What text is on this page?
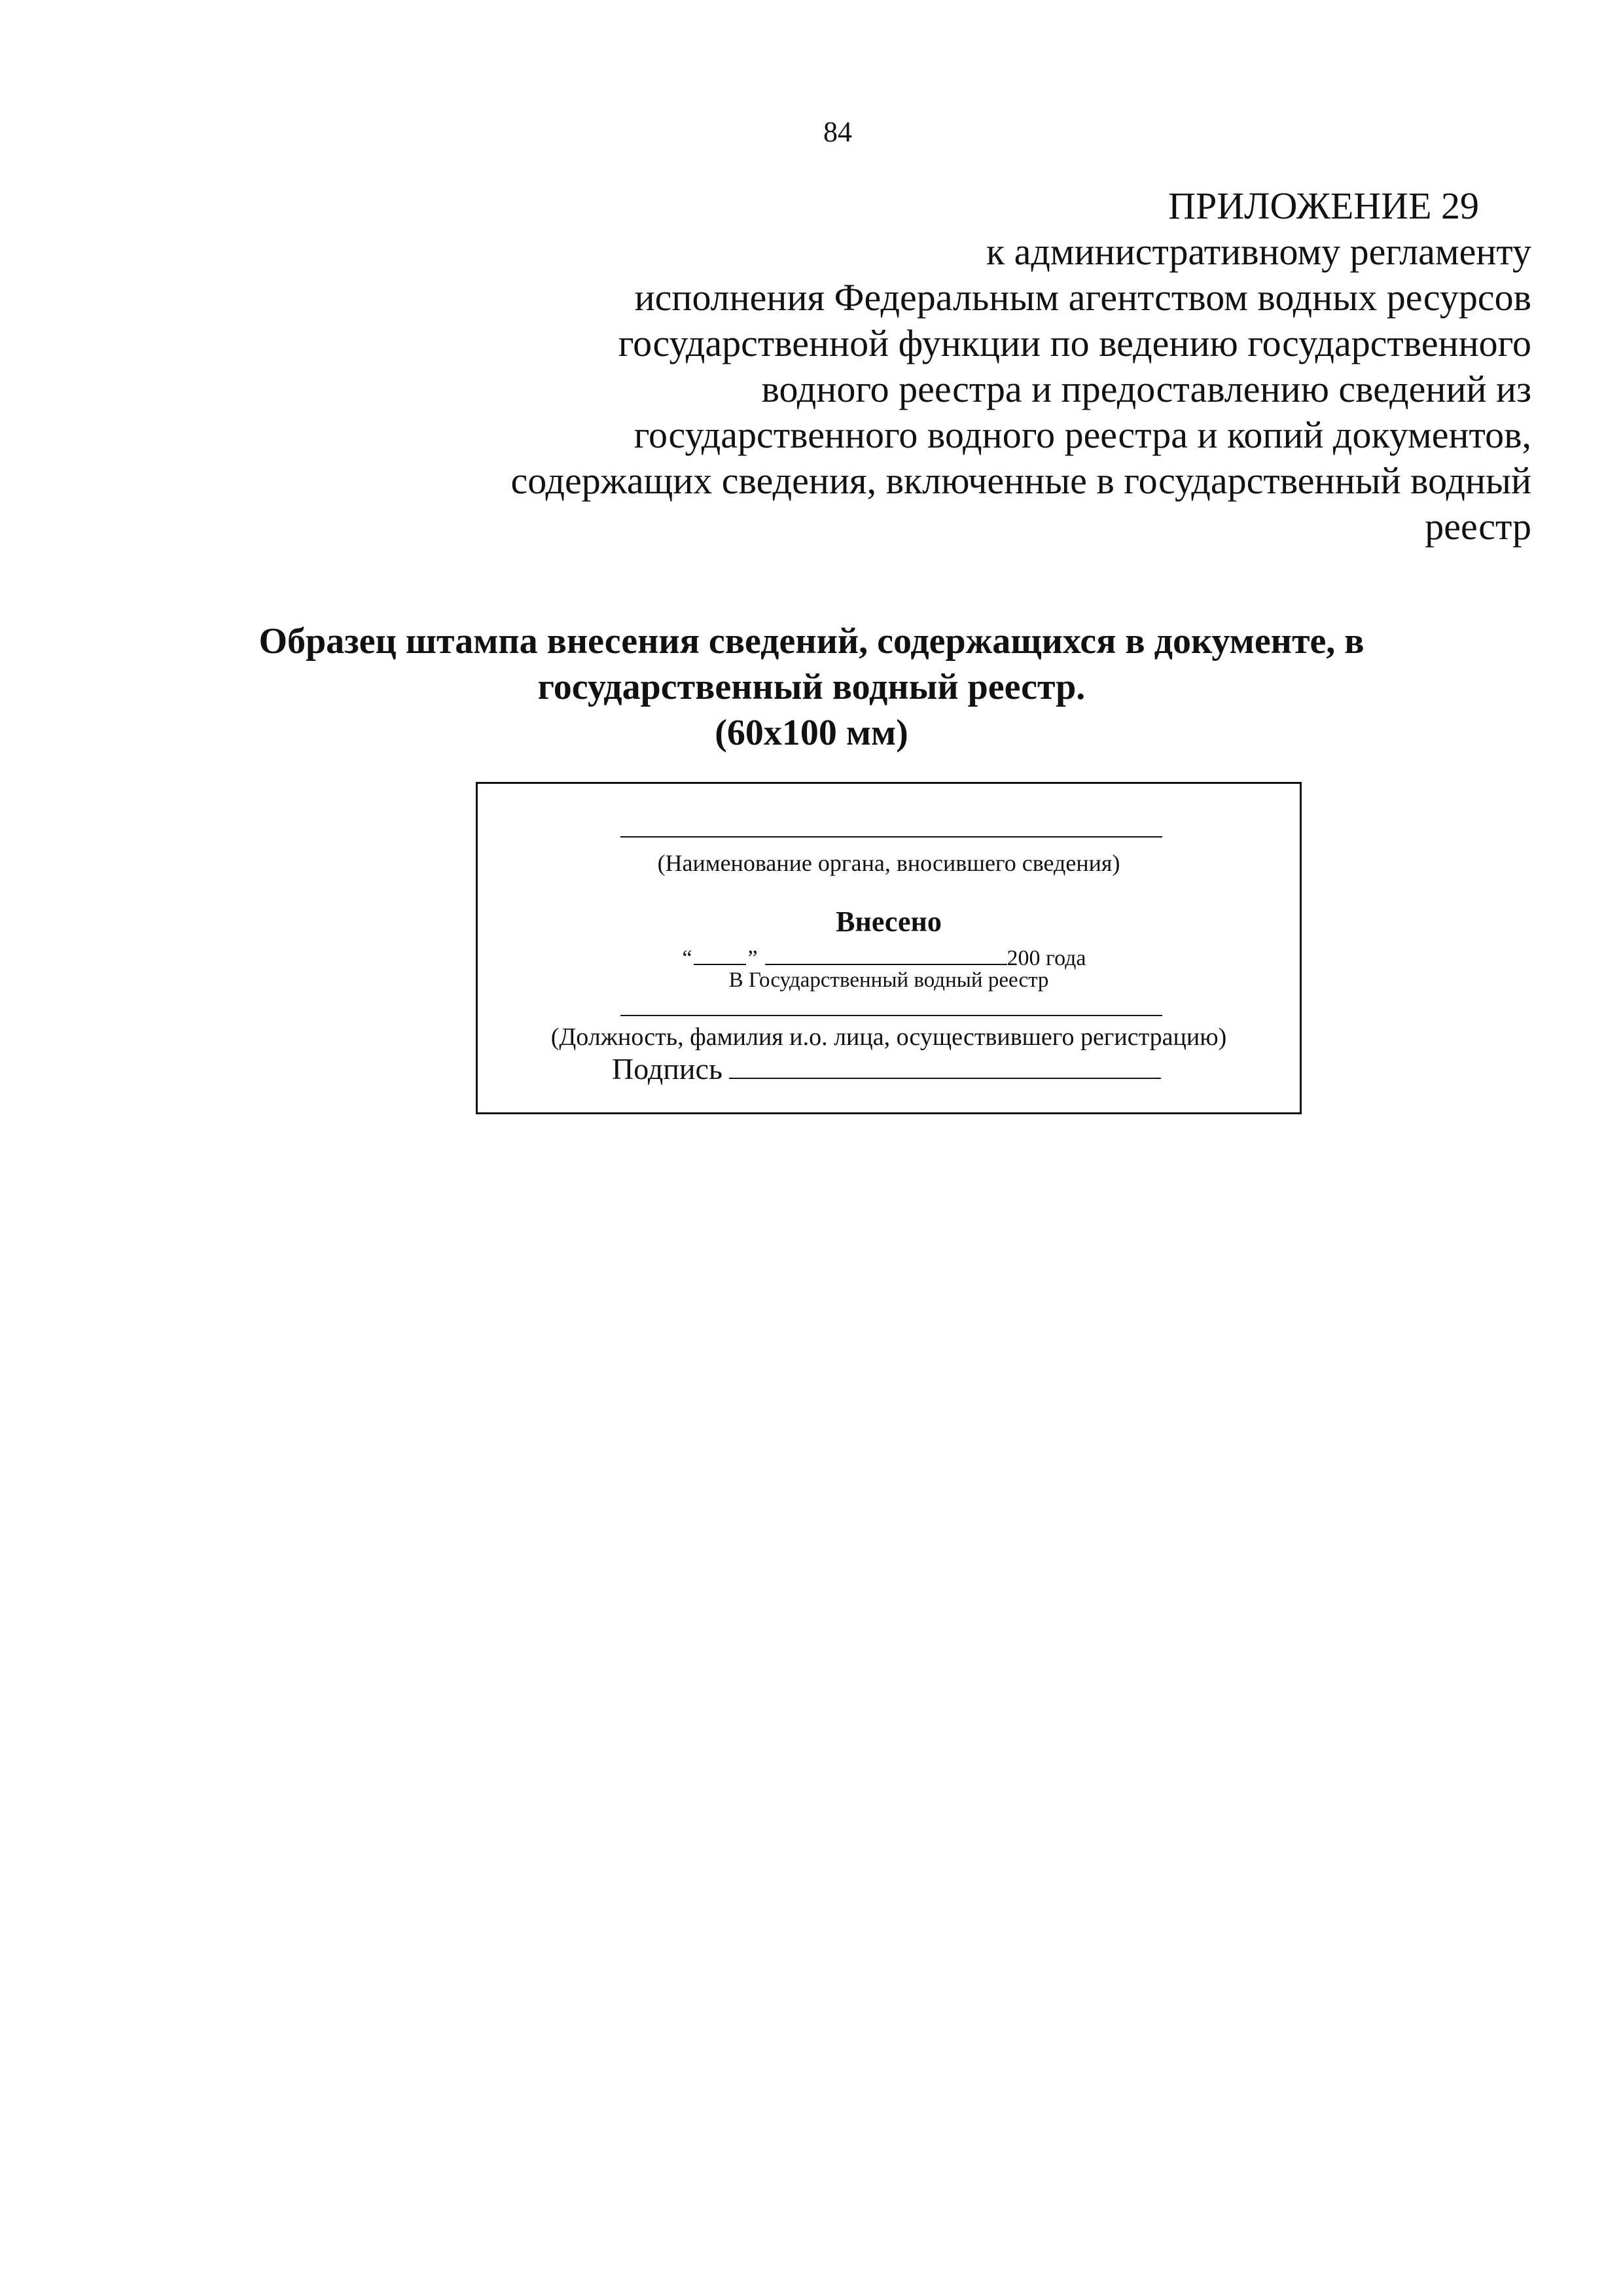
84
ПРИЛОЖЕНИЕ 29
к административному регламенту
исполнения Федеральным агентством водных ресурсов
государственной функции по ведению государственного
водного реестра и предоставлению сведений из
государственного водного реестра и копий документов,
содержащих сведения, включенные в государственный водный
реестр
Образец штампа внесения сведений, содержащихся в документе, в
государственный водный реестр.
(60x100 мм)
(Наименование органа, вносившего сведения)
Внесено
“ ”	200 года
В Государственный водный реестр
(Должность, фамилия и.о. лица, осуществившего регистрацию)
Подпись
